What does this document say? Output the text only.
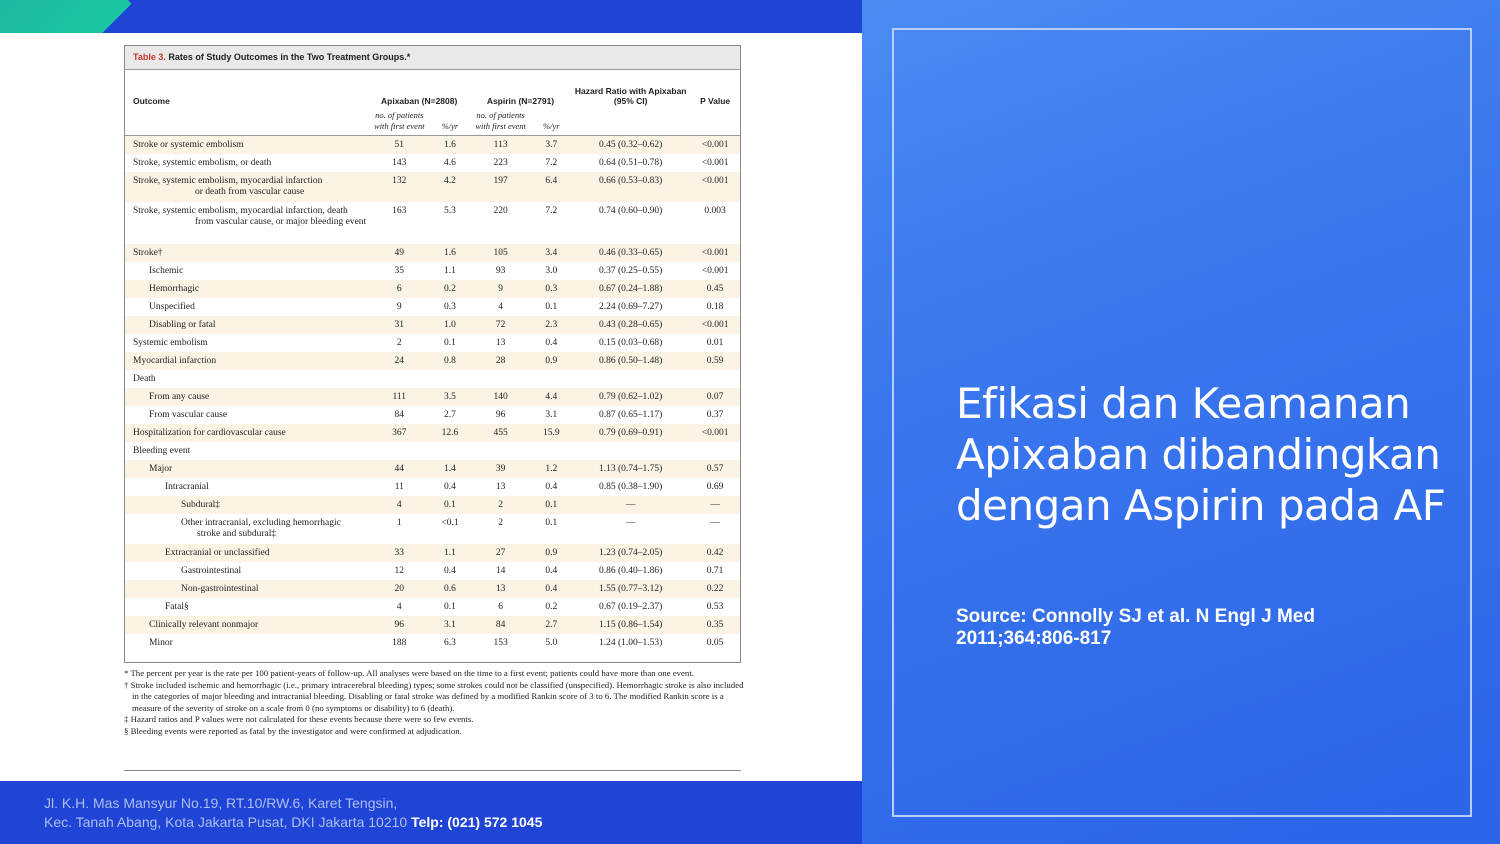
Table 3. Rates of Study Outcomes in the Two Treatment Groups.*
Outcome	Apixaban (N=2808)		Aspirin (N=2791)		Hazard Ratio with Apixaban (95% CI)	P Value
	no. of patients with first event	%/yr	no. of patients with first event	%/yr		
Stroke or systemic embolism	51	1.6	113	3.7	0.45 (0.32–0.62)	<0.001
Stroke, systemic embolism, or death	143	4.6	223	7.2	0.64 (0.51–0.78)	<0.001
Stroke, systemic embolism, myocardial infarction
or death from vascular cause	132	4.2	197	6.4	0.66 (0.53–0.83)	<0.001
Stroke, systemic embolism, myocardial infarction, death
from vascular cause, or major bleeding event	163	5.3	220	7.2	0.74 (0.60–0.90)	0.003
Stroke†	49	1.6	105	3.4	0.46 (0.33–0.65)	<0.001
Ischemic	35	1.1	93	3.0	0.37 (0.25–0.55)	<0.001
Hemorrhagic	6	0.2	9	0.3	0.67 (0.24–1.88)	0.45
Unspecified	9	0.3	4	0.1	2.24 (0.69–7.27)	0.18
Disabling or fatal	31	1.0	72	2.3	0.43 (0.28–0.65)	<0.001
Systemic embolism	2	0.1	13	0.4	0.15 (0.03–0.68)	0.01
Myocardial infarction	24	0.8	28	0.9	0.86 (0.50–1.48)	0.59
Death						
From any cause	111	3.5	140	4.4	0.79 (0.62–1.02)	0.07
From vascular cause	84	2.7	96	3.1	0.87 (0.65–1.17)	0.37
Hospitalization for cardiovascular cause	367	12.6	455	15.9	0.79 (0.69–0.91)	<0.001
Bleeding event						
Major	44	1.4	39	1.2	1.13 (0.74–1.75)	0.57
Intracranial	11	0.4	13	0.4	0.85 (0.38–1.90)	0.69
Subdural‡	4	0.1	2	0.1	—	—
Other intracranial, excluding hemorrhagic
stroke and subdural‡	1	<0.1	2	0.1	—	—
Extracranial or unclassified	33	1.1	27	0.9	1.23 (0.74–2.05)	0.42
Gastrointestinal	12	0.4	14	0.4	0.86 (0.40–1.86)	0.71
Non-gastrointestinal	20	0.6	13	0.4	1.55 (0.77–3.12)	0.22
Fatal§	4	0.1	6	0.2	0.67 (0.19–2.37)	0.53
Clinically relevant nonmajor	96	3.1	84	2.7	1.15 (0.86–1.54)	0.35
Minor	188	6.3	153	5.0	1.24 (1.00–1.53)	0.05

* The percent per year is the rate per 100 patient-years of follow-up. All analyses were based on the time to a first event; patients could have more than one event.

† Stroke included ischemic and hemorrhagic (i.e., primary intracerebral bleeding) types; some strokes could not be classified (unspecified). Hemorrhagic stroke is also included in the categories of major bleeding and intracranial bleeding. Disabling or fatal stroke was defined by a modified Rankin score of 3 to 6. The modified Rankin score is a measure of the severity of stroke on a scale from 0 (no symptoms or disability) to 6 (death).

‡ Hazard ratios and P values were not calculated for these events because there were so few events.

§ Bleeding events were reported as fatal by the investigator and were confirmed at adjudication.

Jl. K.H. Mas Mansyur No.19, RT.10/RW.6, Karet Tengsin,
Kec. Tanah Abang, Kota Jakarta Pusat, DKI Jakarta 10210 Telp: (021) 572 1045
Efikasi dan Keamanan Apixaban dibandingkan dengan Aspirin pada AF
Source: Connolly SJ et al. N Engl J Med 2011;364:806-817
